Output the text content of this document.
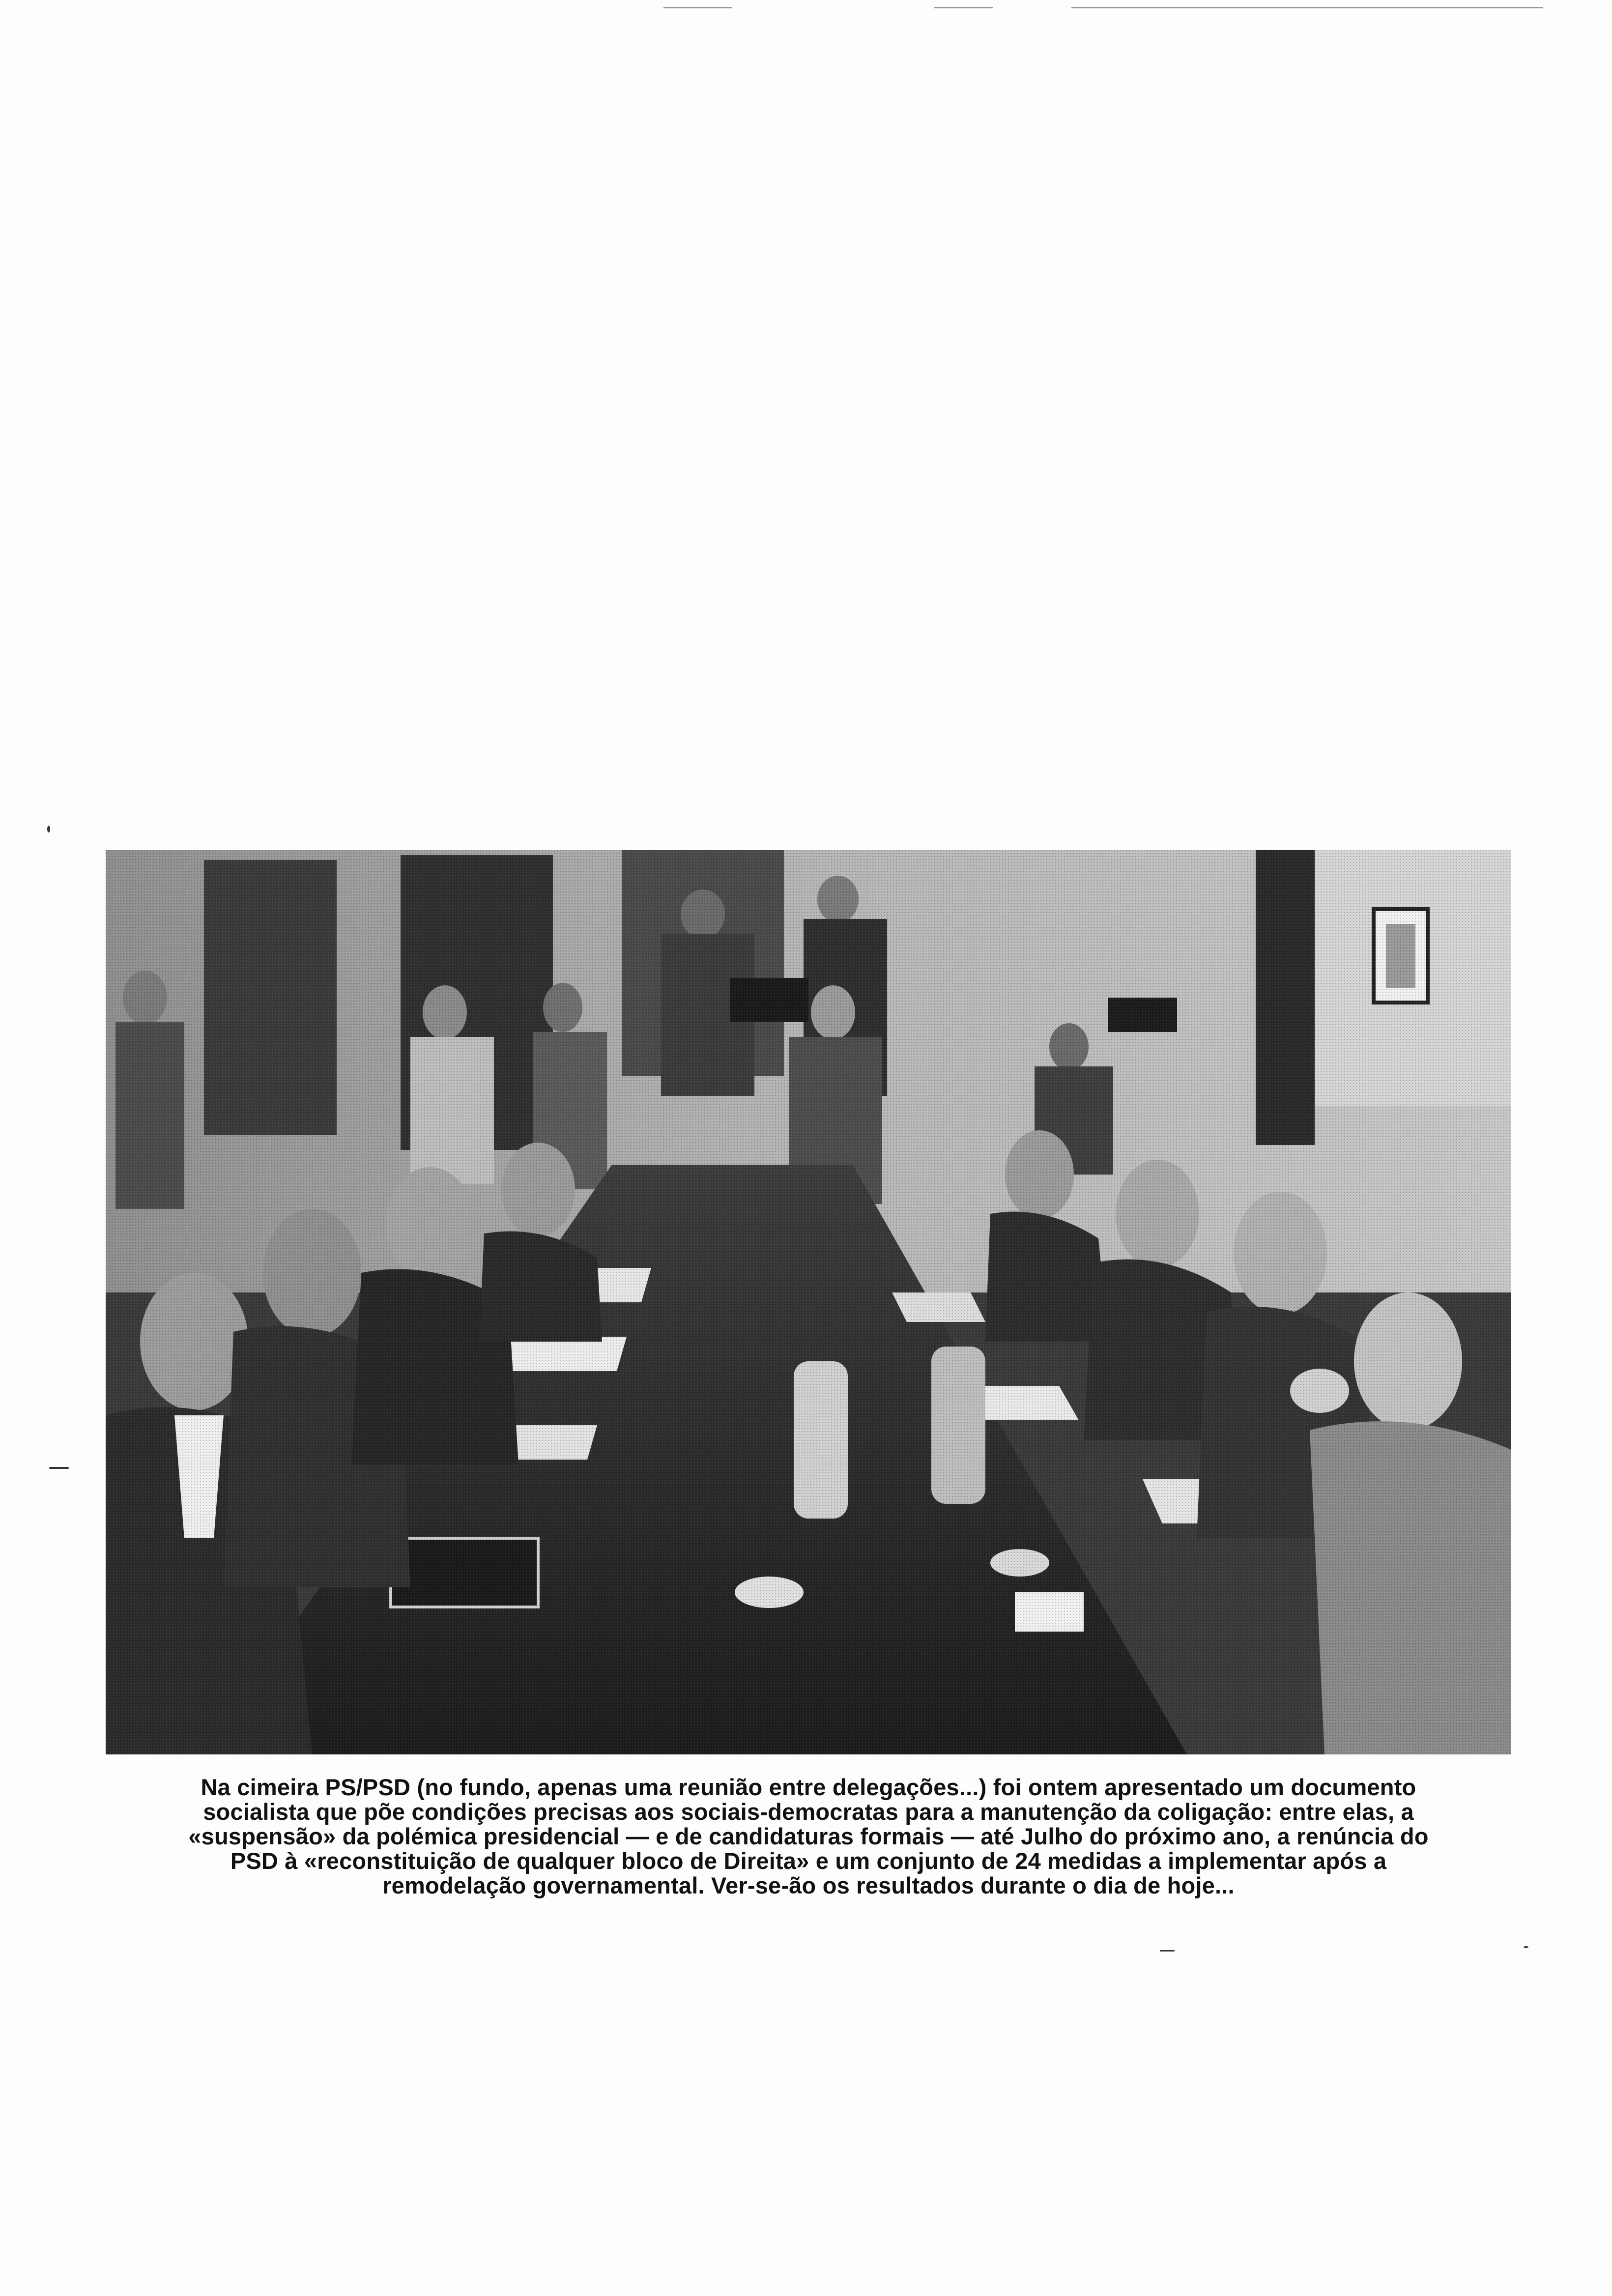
Na cimeira PS/PSD (no fundo, apenas uma reunião entre delegações...) foi ontem apresentado um documento
socialista que põe condições precisas aos sociais-democratas para a manutenção da coligação: entre elas, a
«suspensão» da polémica presidencial — e de candidaturas formais — até Julho do próximo ano, a renúncia do
PSD à «reconstituição de qualquer bloco de Direita» e um conjunto de 24 medidas a implementar após a
remodelação governamental. Ver-se-ão os resultados durante o dia de hoje...
